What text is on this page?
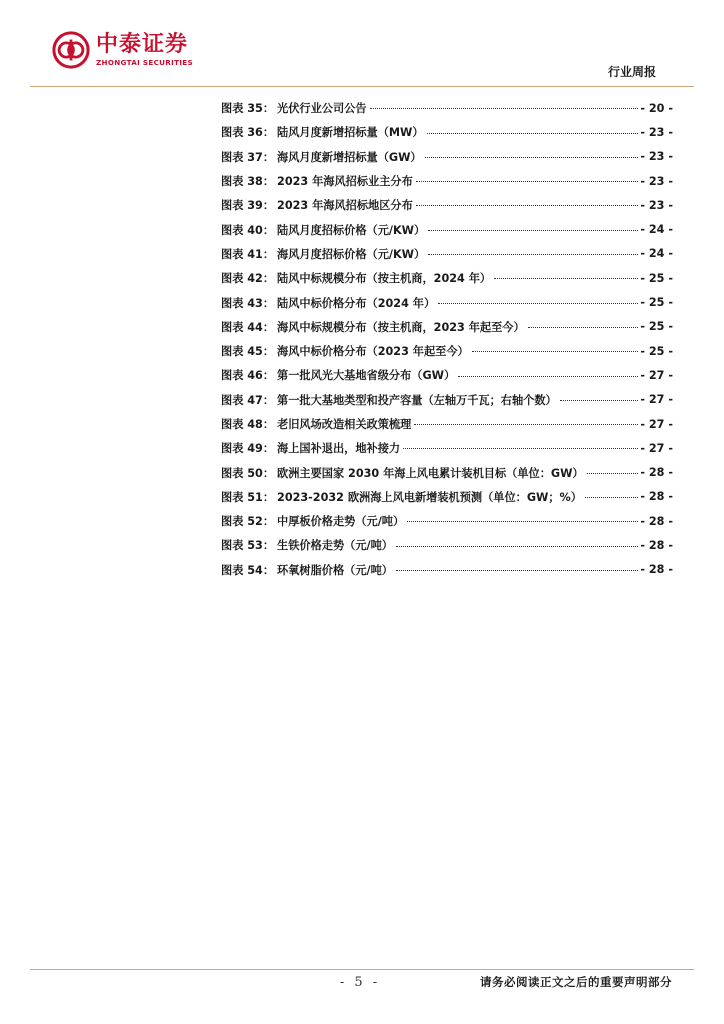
中泰证券
ZHONGTAI SECURITIES
行业周报
图表 35： 光伏行业公司公告	- 20 -
图表 36： 陆风月度新增招标量（MW）	- 23 -
图表 37： 海风月度新增招标量（GW）	- 23 -
图表 38： 2023 年海风招标业主分布	- 23 -
图表 39： 2023 年海风招标地区分布	- 23 -
图表 40： 陆风月度招标价格（元/KW）	- 24 -
图表 41： 海风月度招标价格（元/KW）	- 24 -
图表 42： 陆风中标规模分布（按主机商，2024 年）	- 25 -
图表 43： 陆风中标价格分布（2024 年）	- 25 -
图表 44： 海风中标规模分布（按主机商，2023 年起至今）	- 25 -
图表 45： 海风中标价格分布（2023 年起至今）	- 25 -
图表 46： 第一批风光大基地省级分布（GW）	- 27 -
图表 47： 第一批大基地类型和投产容量（左轴万千瓦；右轴个数）	- 27 -
图表 48： 老旧风场改造相关政策梳理	- 27 -
图表 49： 海上国补退出，地补接力	- 27 -
图表 50： 欧洲主要国家 2030 年海上风电累计装机目标（单位：GW）	- 28 -
图表 51： 2023-2032 欧洲海上风电新增装机预测（单位：GW；%）	- 28 -
图表 52： 中厚板价格走势（元/吨）	- 28 -
图表 53： 生铁价格走势（元/吨）	- 28 -
图表 54： 环氧树脂价格（元/吨）	- 28 -
- 5 -	请务必阅读正文之后的重要声明部分
